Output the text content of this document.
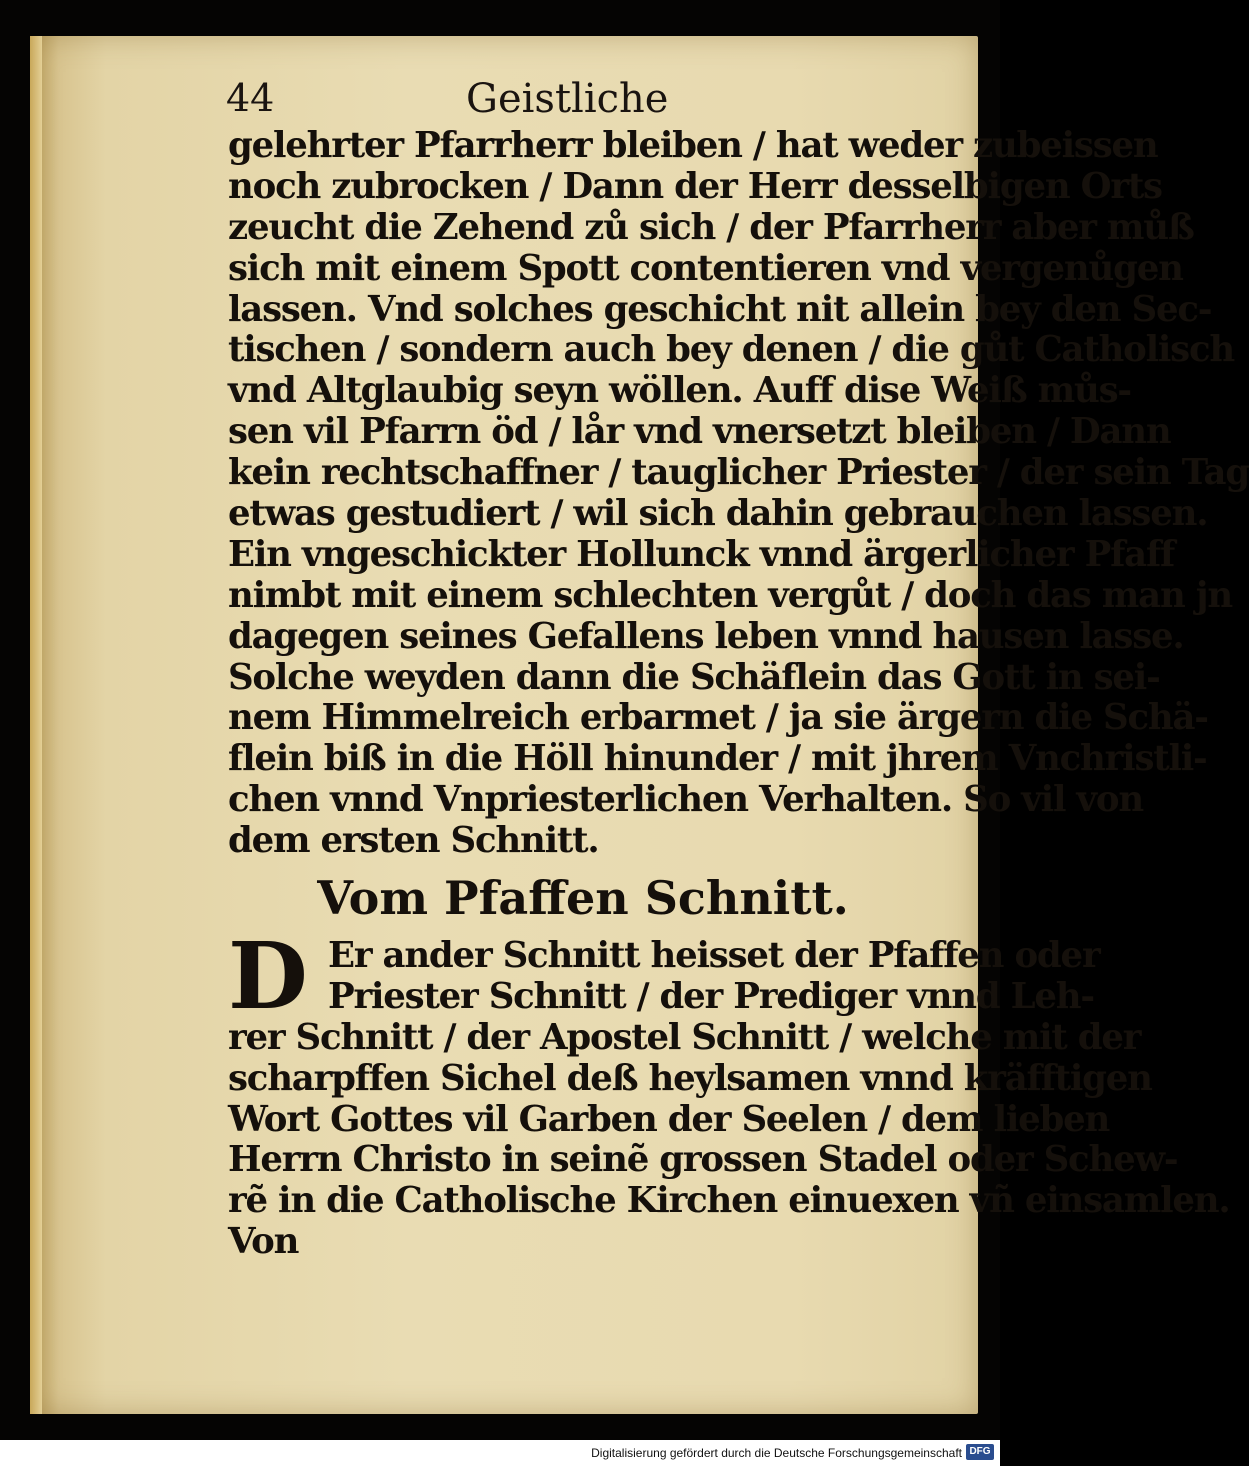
44	Geistliche
gelehrter Pfarrherr bleiben / hat weder zubeissen
noch zubrocken / Dann der Herr desselbigen Orts
zeucht die Zehend zů sich / der Pfarrherr aber můß
sich mit einem Spott contentieren vnd vergenůgen
lassen. Vnd solches geschicht nit allein bey den Sec-
tischen / sondern auch bey denen / die gůt Catholisch
vnd Altglaubig seyn wöllen. Auff dise Weiß můs-
sen vil Pfarrn öd / lår vnd vnersetzt bleiben / Dann
kein rechtschaffner / tauglicher Priester / der sein Tag
etwas gestudiert / wil sich dahin gebrauchen lassen.
Ein vngeschickter Hollunck vnnd ärgerlicher Pfaff
nimbt mit einem schlechten vergůt / doch das man jn
dagegen seines Gefallens leben vnnd hausen lasse.
Solche weyden dann die Schäflein das Gott in sei-
nem Himmelreich erbarmet / ja sie ärgern die Schä-
flein biß in die Höll hinunder / mit jhrem Vnchristli-
chen vnnd Vnpriesterlichen Verhalten. So vil von
dem ersten Schnitt.
Vom Pfaffen Schnitt.
D Er ander Schnitt heisset der Pfaffen oder
Priester Schnitt / der Prediger vnnd Leh-
rer Schnitt / der Apostel Schnitt / welche mit der
scharpffen Sichel deß heylsamen vnnd kräfftigen
Wort Gottes vil Garben der Seelen / dem lieben
Herrn Christo in seinẽ grossen Stadel oder Schew-
rẽ in die Catholische Kirchen einuexen vñ einsamlen.
Von
Digitalisierung gefördert durch die Deutsche Forschungsgemeinschaft DFG
